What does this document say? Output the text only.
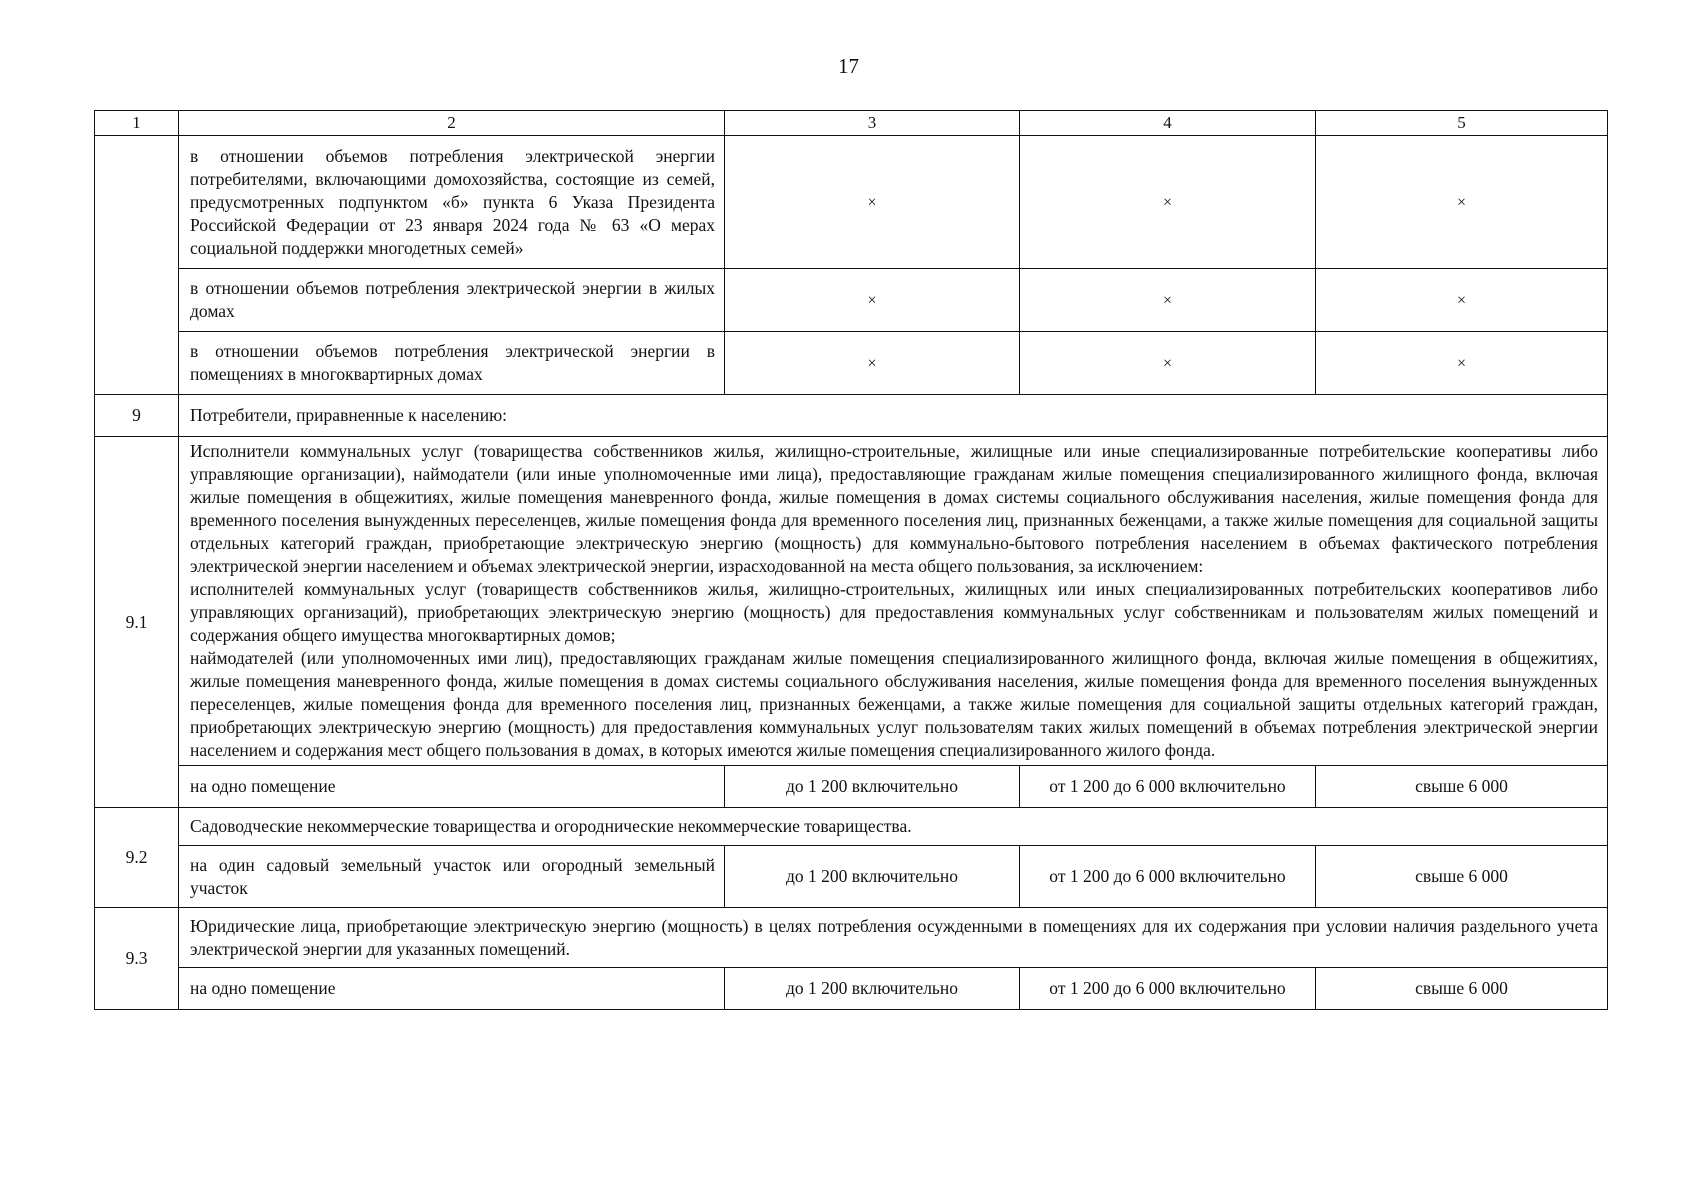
17
1	2	3	4	5
	в отношении объемов потребления электрической энергии потребителями, включающими домохозяйства, состоящие из семей, предусмотренных подпунктом «б» пункта 6 Указа Президента Российской Федерации от 23 января 2024 года № 63 «О мерах социальной поддержки многодетных семей»	×	×	×
	в отношении объемов потребления электрической энергии в жилых домах	×	×	×
	в отношении объемов потребления электрической энергии в помещениях в многоквартирных домах	×	×	×
9	Потребители, приравненные к населению:			
9.1	Исполнители коммунальных услуг (товарищества собственников жилья, жилищно-строительные, жилищные или иные специализированные потребительские кооперативы либо управляющие организации), наймодатели (или иные уполномоченные ими лица), предоставляющие гражданам жилые помещения специализированного жилищного фонда, включая жилые помещения в общежитиях, жилые помещения маневренного фонда, жилые помещения в домах системы социального обслуживания населения, жилые помещения фонда для временного поселения вынужденных переселенцев, жилые помещения фонда для временного поселения лиц, признанных беженцами, а также жилые помещения для социальной защиты отдельных категорий граждан, приобретающие электрическую энергию (мощность) для коммунально-бытового потребления населением в объемах фактического потребления электрической энергии населением и объемах электрической энергии, израсходованной на места общего пользования, за исключением:
исполнителей коммунальных услуг (товариществ собственников жилья, жилищно-строительных, жилищных или иных специализированных потребительских кооперативов либо управляющих организаций), приобретающих электрическую энергию (мощность) для предоставления коммунальных услуг собственникам и пользователям жилых помещений и содержания общего имущества многоквартирных домов;
наймодателей (или уполномоченных ими лиц), предоставляющих гражданам жилые помещения специализированного жилищного фонда, включая жилые помещения в общежитиях, жилые помещения маневренного фонда, жилые помещения в домах системы социального обслуживания населения, жилые помещения фонда для временного поселения вынужденных переселенцев, жилые помещения фонда для временного поселения лиц, признанных беженцами, а также жилые помещения для социальной защиты отдельных категорий граждан, приобретающих электрическую энергию (мощность) для предоставления коммунальных услуг пользователям таких жилых помещений в объемах потребления электрической энергии населением и содержания мест общего пользования в домах, в которых имеются жилые помещения специализированного жилого фонда.			

	на одно помещение	до 1 200 включительно	от 1 200 до 6 000 включительно	свыше 6 000
9.2	Садоводческие некоммерческие товарищества и огороднические некоммерческие товарищества.			
	на один садовый земельный участок или огородный земельный участок	до 1 200 включительно	от 1 200 до 6 000 включительно	свыше 6 000
9.3	Юридические лица, приобретающие электрическую энергию (мощность) в целях потребления осужденными в помещениях для их содержания при условии наличия раздельного учета электрической энергии для указанных помещений.			
	на одно помещение	до 1 200 включительно	от 1 200 до 6 000 включительно	свыше 6 000
